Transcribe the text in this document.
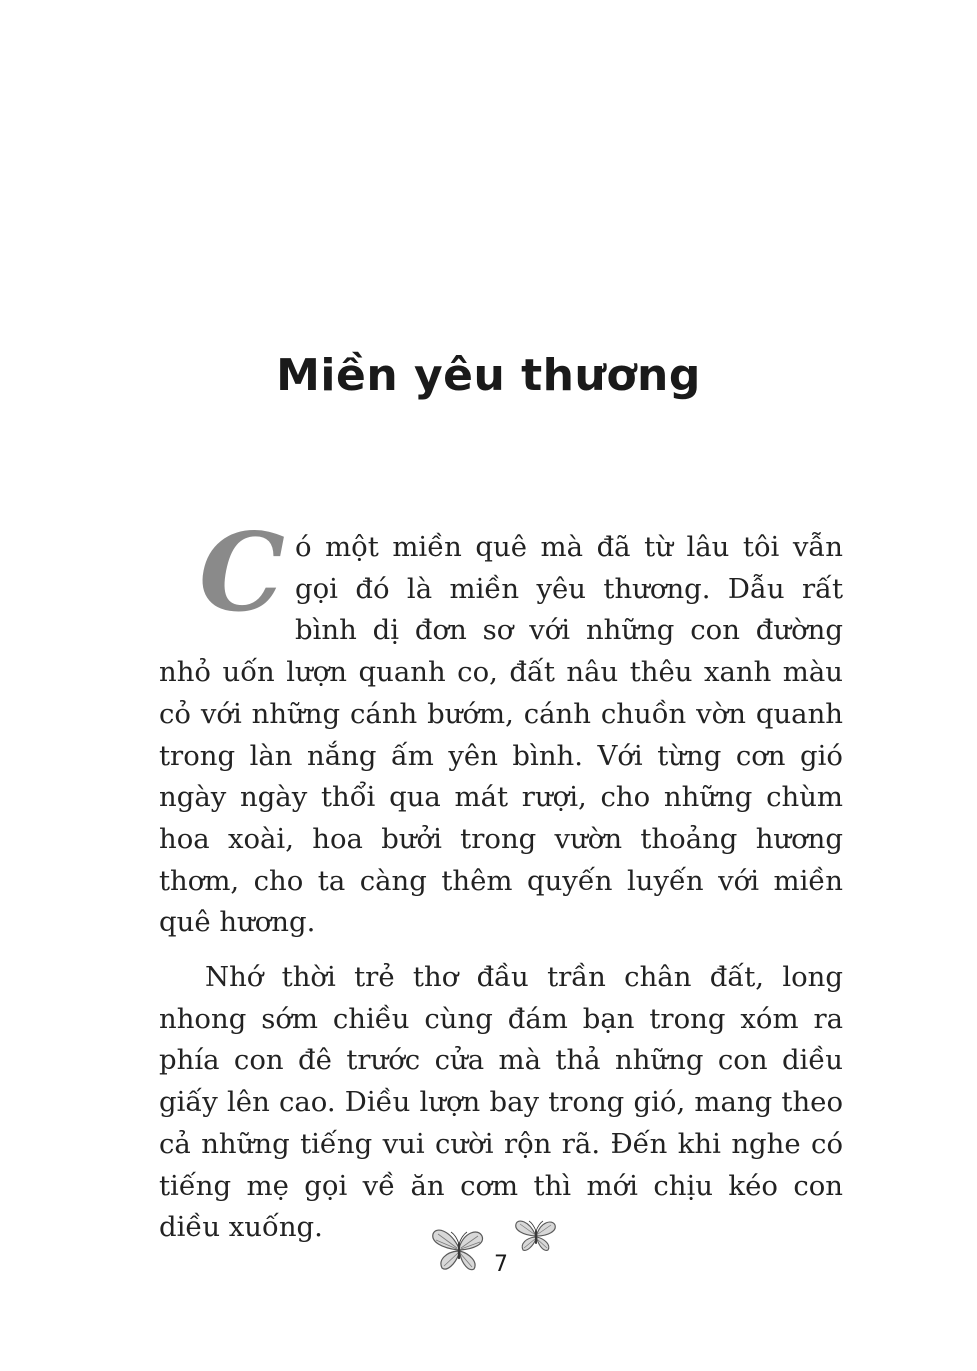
Miền yêu thương

Có một miền quê mà đã từ lâu tôi vẫn gọi đó là miền yêu thương. Dẫu rất bình dị đơn sơ với những con đường nhỏ uốn lượn quanh co, đất nâu thêu xanh màu cỏ với những cánh bướm, cánh chuồn vờn quanh trong làn nắng ấm yên bình. Với từng cơn gió ngày ngày thổi qua mát rượi, cho những chùm hoa xoài, hoa bưởi trong vườn thoảng hương thơm, cho ta càng thêm quyến luyến với miền quê hương.

Nhớ thời trẻ thơ đầu trần chân đất, long nhong sớm chiều cùng đám bạn trong xóm ra phía con đê trước cửa mà thả những con diều giấy lên cao. Diều lượn bay trong gió, mang theo cả những tiếng vui cười rộn rã. Đến khi nghe có tiếng mẹ gọi về ăn cơm thì mới chịu kéo con diều xuống.

7
